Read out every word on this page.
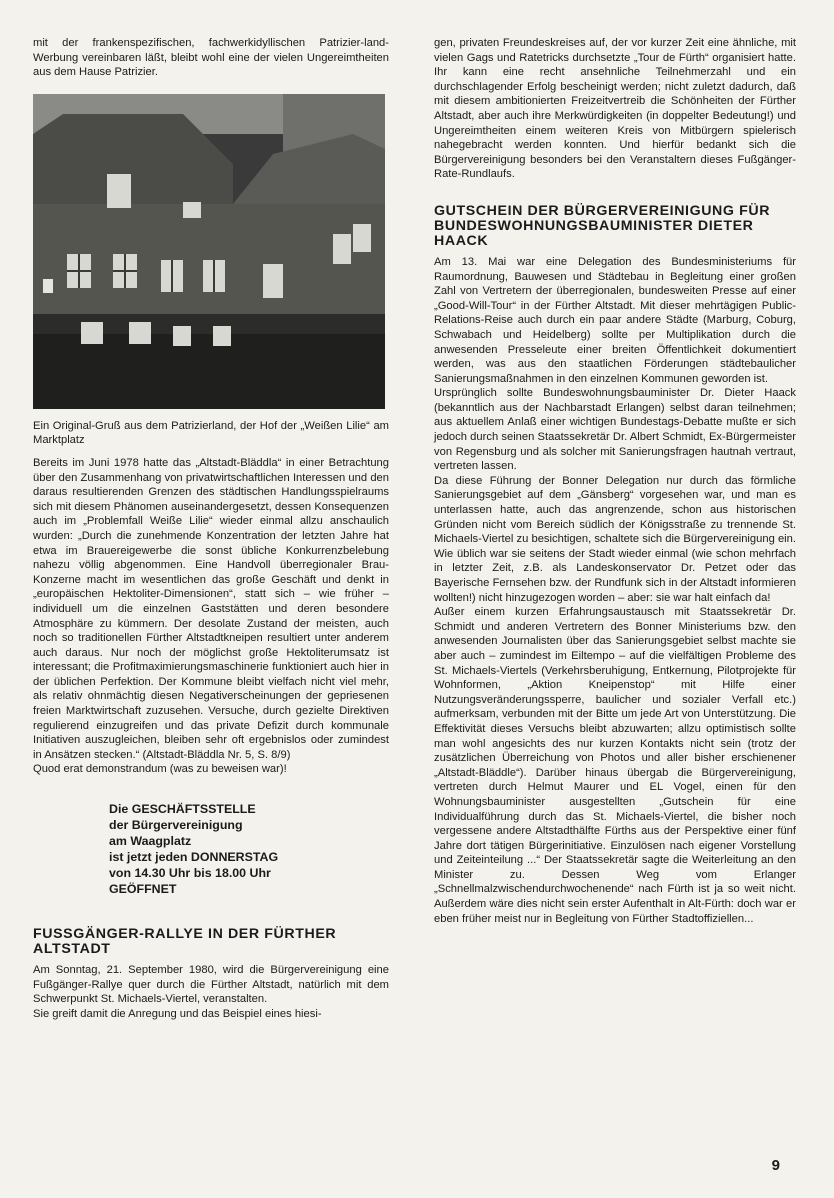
mit der frankenspezifischen, fachwerkidyllischen Patrizier-land-Werbung vereinbaren läßt, bleibt wohl eine der vielen Ungereimtheiten aus dem Hause Patrizier.

Ein Original-Gruß aus dem Patrizierland, der Hof der „Weißen Lilie“ am Marktplatz

Bereits im Juni 1978 hatte das „Altstadt-Bläddla“ in einer Betrachtung über den Zusammenhang von privatwirtschaftlichen Interessen und den daraus resultierenden Grenzen des städtischen Handlungsspielraums sich mit diesem Phänomen auseinandergesetzt, dessen Konsequenzen auch im „Problemfall Weiße Lilie“ wieder einmal allzu anschaulich wurden: „Durch die zunehmende Konzentration der letzten Jahre hat etwa im Brauereigewerbe die sonst übliche Konkurrenzbelebung nahezu völlig abgenommen. Eine Handvoll überregionaler Brau-Konzerne macht im wesentlichen das große Geschäft und denkt in „europäischen Hektoliter-Dimensionen“, statt sich – wie früher – individuell um die einzelnen Gaststätten und deren besondere Atmosphäre zu kümmern. Der desolate Zustand der meisten, auch noch so traditionellen Fürther Altstadtkneipen resultiert unter anderem auch daraus. Nur noch der möglichst große Hektoliterumsatz ist interessant; die Profitmaximierungsmaschinerie funktioniert auch hier in der üblichen Perfektion. Der Kommune bleibt vielfach nicht viel mehr, als relativ ohnmächtig diesen Negativerscheinungen der gepriesenen freien Marktwirtschaft zuzusehen. Versuche, durch gezielte Direktiven regulierend einzugreifen und das private Defizit durch kommunale Initiativen auszugleichen, bleiben sehr oft ergebnislos oder zumindest in Ansätzen stecken.“ (Altstadt-Bläddla Nr. 5, S. 8/9)

Quod erat demonstrandum (was zu beweisen war)!

Die GESCHÄFTSSTELLE
der Bürgervereinigung
am Waagplatz
ist jetzt jeden DONNERSTAG
von 14.30 Uhr bis 18.00 Uhr
GEÖFFNET
FUSSGÄNGER-RALLYE IN DER FÜRTHER ALTSTADT

Am Sonntag, 21. September 1980, wird die Bürgervereinigung eine Fußgänger-Rallye quer durch die Fürther Altstadt, natürlich mit dem Schwerpunkt St. Michaels-Viertel, veranstalten.

Sie greift damit die Anregung und das Beispiel eines hiesi-

gen, privaten Freundeskreises auf, der vor kurzer Zeit eine ähnliche, mit vielen Gags und Ratetricks durchsetzte „Tour de Fürth“ organisiert hatte. Ihr kann eine recht ansehnliche Teilnehmerzahl und ein durchschlagender Erfolg bescheinigt werden; nicht zuletzt dadurch, daß mit diesem ambitionierten Freizeitvertreib die Schönheiten der Fürther Altstadt, aber auch ihre Merkwürdigkeiten (in doppelter Bedeutung!) und Ungereimtheiten einem weiteren Kreis von Mitbürgern spielerisch nahegebracht werden konnten. Und hierfür bedankt sich die Bürgervereinigung besonders bei den Veranstaltern dieses Fußgänger-Rate-Rundlaufs.

GUTSCHEIN DER BÜRGERVEREINIGUNG FÜR BUNDESWOHNUNGSBAUMINISTER DIETER HAACK

Am 13. Mai war eine Delegation des Bundesministeriums für Raumordnung, Bauwesen und Städtebau in Begleitung einer großen Zahl von Vertretern der überregionalen, bundesweiten Presse auf einer „Good-Will-Tour“ in der Fürther Altstadt. Mit dieser mehrtägigen Public-Relations-Reise auch durch ein paar andere Städte (Marburg, Coburg, Schwabach und Heidelberg) sollte per Multiplikation durch die anwesenden Presseleute einer breiten Öffentlichkeit dokumentiert werden, was aus den staatlichen Förderungen städtebaulicher Sanierungsmaßnahmen in den einzelnen Kommunen geworden ist.

Ursprünglich sollte Bundeswohnungsbauminister Dr. Dieter Haack (bekanntlich aus der Nachbarstadt Erlangen) selbst daran teilnehmen; aus aktuellem Anlaß einer wichtigen Bundestags-Debatte mußte er sich jedoch durch seinen Staatssekretär Dr. Albert Schmidt, Ex-Bürgermeister von Regensburg und als solcher mit Sanierungsfragen hautnah vertraut, vertreten lassen.

Da diese Führung der Bonner Delegation nur durch das förmliche Sanierungsgebiet auf dem „Gänsberg“ vorgesehen war, und man es unterlassen hatte, auch das angrenzende, schon aus historischen Gründen nicht vom Bereich südlich der Königsstraße zu trennende St. Michaels-Viertel zu besichtigen, schaltete sich die Bürgervereinigung ein. Wie üblich war sie seitens der Stadt wieder einmal (wie schon mehrfach in letzter Zeit, z.B. als Landeskonservator Dr. Petzet oder das Bayerische Fernsehen bzw. der Rundfunk sich in der Altstadt informieren wollten!) nicht hinzugezogen worden – aber: sie war halt einfach da!

Außer einem kurzen Erfahrungsaustausch mit Staatssekretär Dr. Schmidt und anderen Vertretern des Bonner Ministeriums bzw. den anwesenden Journalisten über das Sanierungsgebiet selbst machte sie aber auch – zumindest im Eiltempo – auf die vielfältigen Probleme des St. Michaels-Viertels (Verkehrsberuhigung, Entkernung, Pilotprojekte für Wohnformen, „Aktion Kneipenstop“ mit Hilfe einer Nutzungsveränderungssperre, baulicher und sozialer Verfall etc.) aufmerksam, verbunden mit der Bitte um jede Art von Unterstützung. Die Effektivität dieses Versuchs bleibt abzuwarten; allzu optimistisch sollte man wohl angesichts des nur kurzen Kontakts nicht sein (trotz der zusätzlichen Überreichung von Photos und aller bisher erschienener „Altstadt-Bläddle“). Darüber hinaus übergab die Bürgervereinigung, vertreten durch Helmut Maurer und EL Vogel, einen für den Wohnungsbauminister ausgestellten „Gutschein für eine Individualführung durch das St. Michaels-Viertel, die bisher noch vergessene andere Altstadthälfte Fürths aus der Perspektive einer fünf Jahre dort tätigen Bürgerinitiative. Einzulösen nach eigener Vorstellung und Zeiteinteilung ...“ Der Staatssekretär sagte die Weiterleitung an den Minister zu. Dessen Weg vom Erlanger „Schnellmalzwischendurchwochenende“ nach Fürth ist ja so weit nicht. Außerdem wäre dies nicht sein erster Aufenthalt in Alt-Fürth: doch war er eben früher meist nur in Begleitung von Fürther Stadtoffiziellen...

9
